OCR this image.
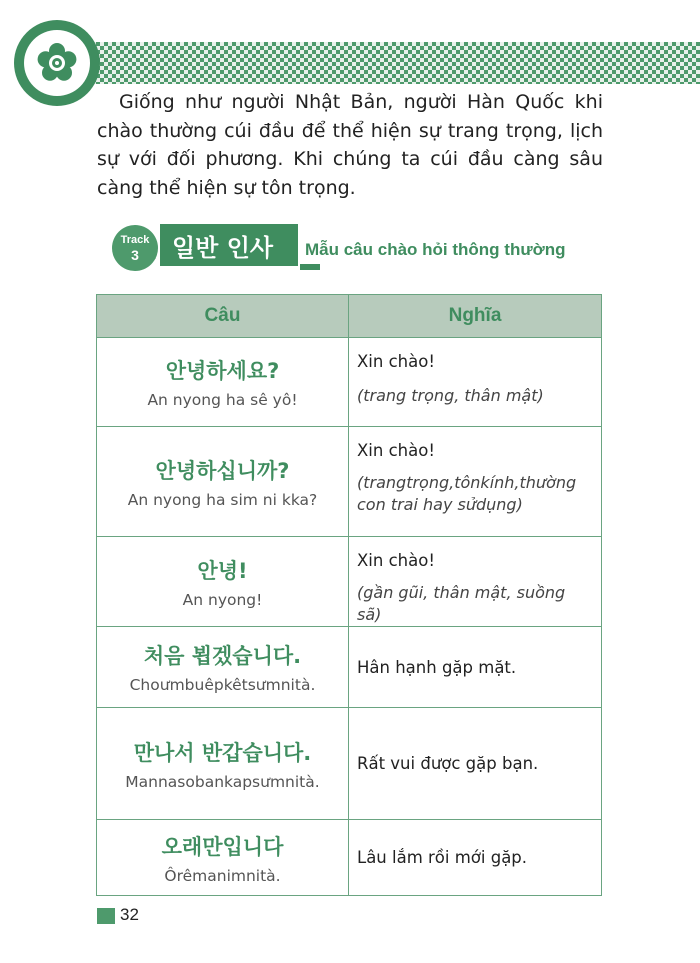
Giống như người Nhật Bản, người Hàn Quốc khi chào thường cúi đầu để thể hiện sự trang trọng, lịch sự với đối phương. Khi chúng ta cúi đầu càng sâu càng thể hiện sự tôn trọng.

Track
3	일반 인사	Mẫu câu chào hỏi thông thường
Câu	Nghĩa

안녕하세요?
An nyong ha sê yô!	Xin chào!
(trang trọng, thân mật)

안녕하십니까?
An nyong ha sim ni kka?	Xin chào!
(trangtrọng,tônkính,thường con trai hay sửdụng)

안녕!
An nyong!	Xin chào!
(gần gũi, thân mật, suồng sã)

처음 뵙겠습니다.
Choưmbuêpkêtsưmnità.	Hân hạnh gặp mặt.

만나서 반갑습니다.
Mannasobankapsưmnità.	Rất vui được gặp bạn.

오래만입니다
Ôrêmanimnità.	Lâu lắm rồi mới gặp.
32
